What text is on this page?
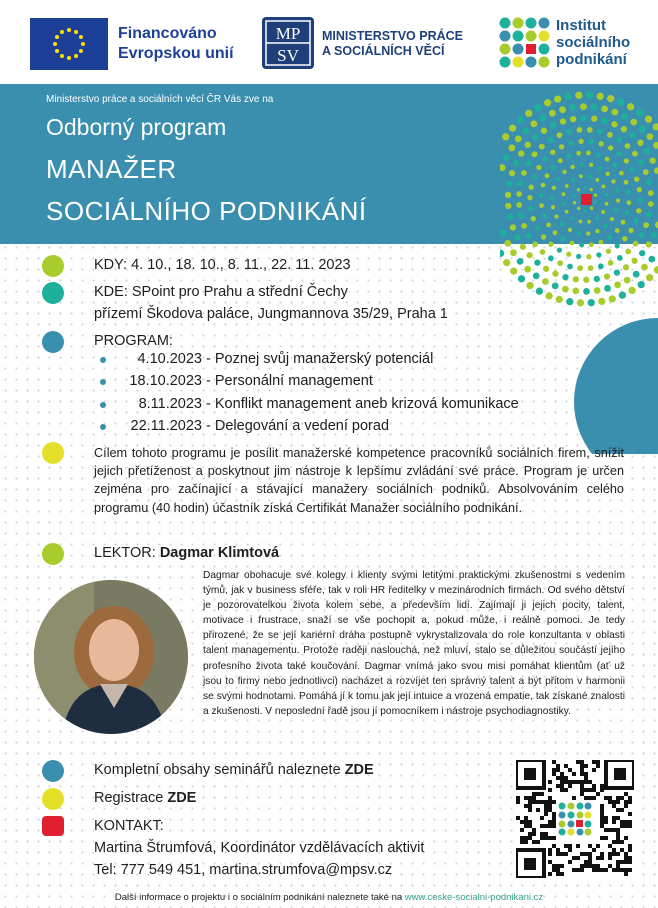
Financováno
Evropskou unií
MP
SV
MINISTERSTVO PRÁCE
A SOCIÁLNÍCH VĚCÍ
Institut
sociálního
podnikání
Ministerstvo práce a sociálních věcí ČR Vás zve na
Odborný program
MANAŽER
SOCIÁLNÍHO PODNIKÁNÍ
KDY: 4. 10., 18. 10., 8. 11., 22. 11. 2023
KDE: SPoint pro Prahu a střední Čechy
přízemí Škodova paláce, Jungmannova 35/29, Praha 1
PROGRAM:
4.10.2023 - Poznej svůj manažerský potenciál
18.10.2023 - Personální management
8.11.2023 - Konflikt management aneb krizová komunikace
22.11.2023 - Delegování a vedení porad
Cílem tohoto programu je posílit manažerské kompetence pracovníků sociálních firem, snížit jejich přetíženost a poskytnout jim nástroje k lepšímu zvládání své práce. Program je určen zejména pro začínající a stávající manažery sociálních podniků. Absolvováním celého programu (40 hodin) účastník získá Certifikát Manažer sociálního podnikání.
LEKTOR: Dagmar Klimtová
Dagmar obohacuje své kolegy i klienty svými letitými praktickými zkušenostmi s vedením týmů, jak v business sféře, tak v roli HR ředitelky v mezinárodních firmách. Od svého dětství je pozorovatelkou života kolem sebe, a především lidí. Zajímají ji jejich pocity, talent, motivace i frustrace, snaží se vše pochopit a, pokud může, i reálně pomoci. Je tedy přirozené, že se její kariérní dráha postupně vykrystalizovala do role konzultanta v oblasti talent managementu. Protože raději naslouchá, než mluví, stalo se důležitou součástí jejího profesního života také koučování. Dagmar vnímá jako svou misi pomáhat klientům (ať už jsou to firmy nebo jednotlivci) nacházet a rozvíjet ten správný talent a být přitom v harmonii se svými hodnotami. Pomáhá jí k tomu jak její intuice a vrozená empatie, tak získané znalosti a zkušenosti. V neposlední řadě jsou jí pomocníkem i nástroje psychodiagnostiky.
Kompletní obsahy seminářů naleznete ZDE
Registrace ZDE
KONTAKT:
Martina Štrumfová, Koordinátor vzdělávacích aktivit
Tel: 777 549 451, martina.strumfova@mpsv.cz
Další informace o projektu i o sociálním podnikání naleznete také na www.ceske-socialni-podnikani.cz
